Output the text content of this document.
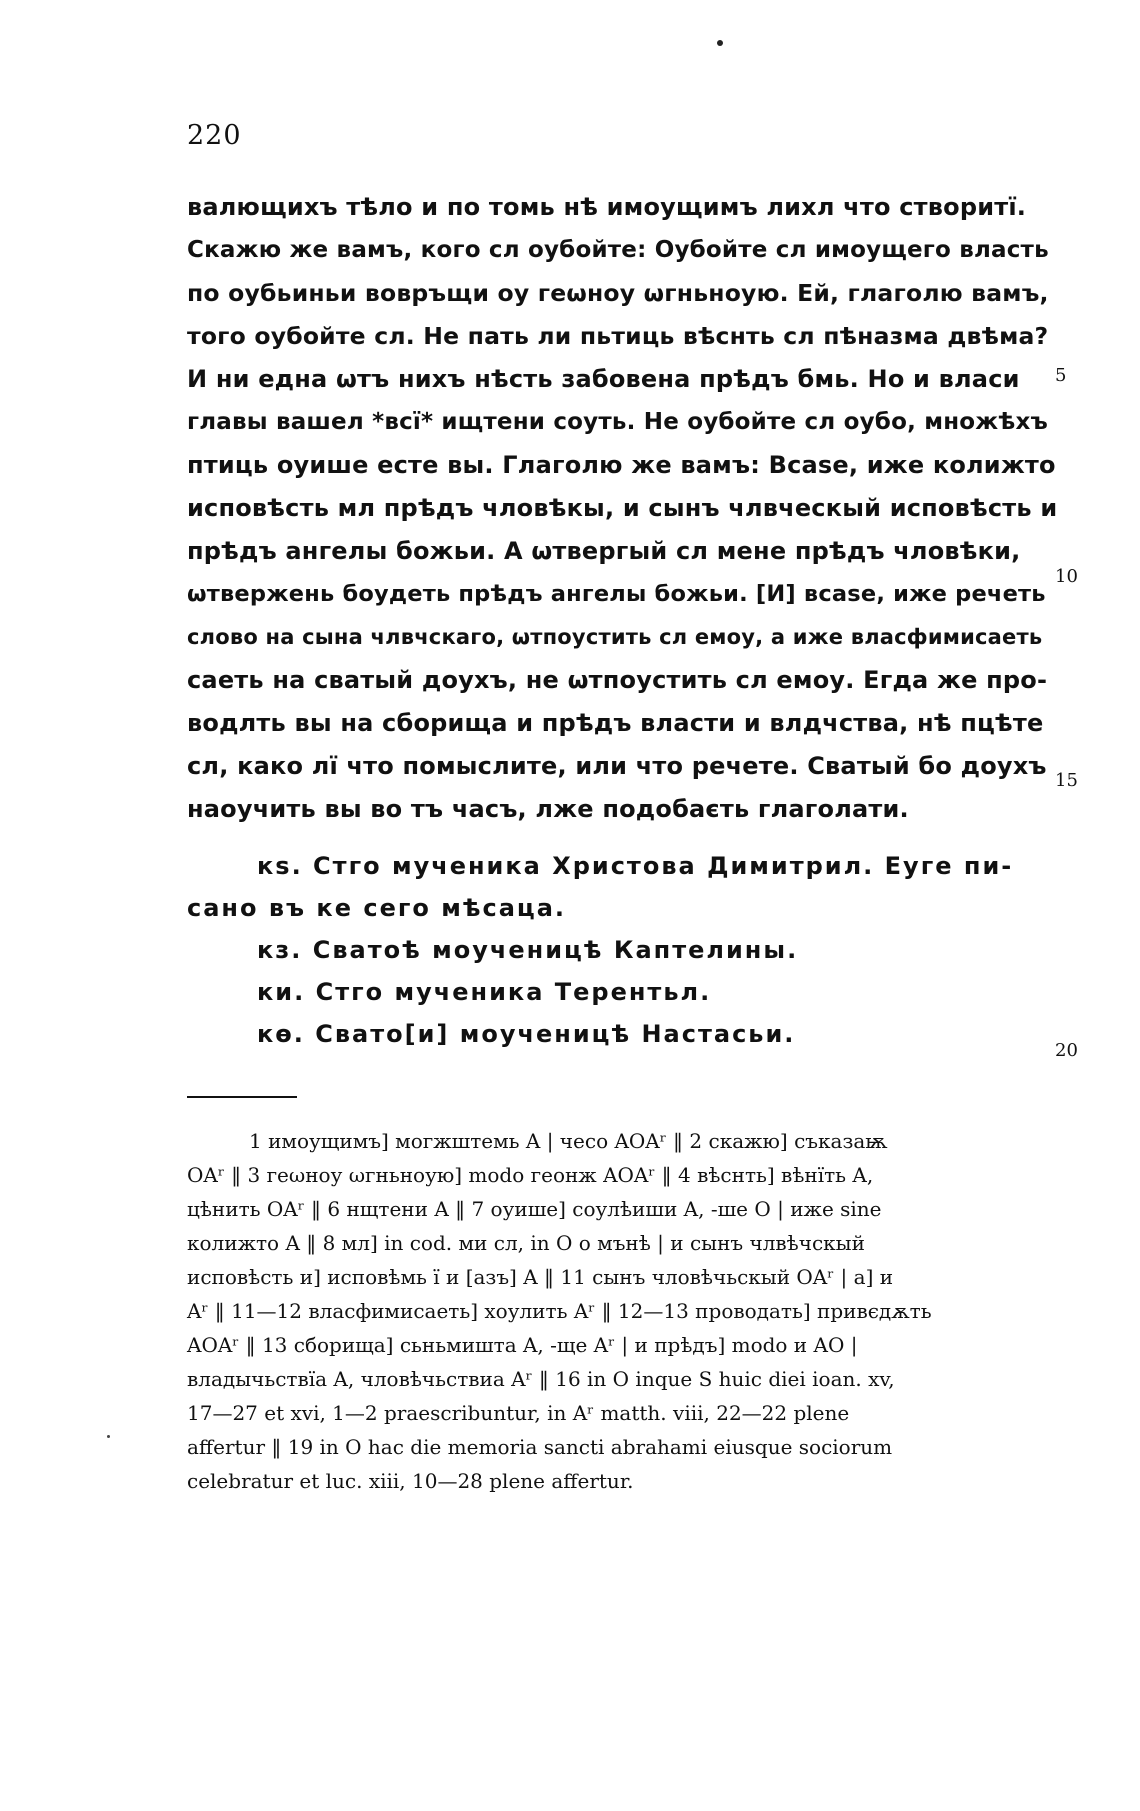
220
валющихъ тѣло и по томь нѣ имоущимъ лихл что створитї.
Скажю же вамъ, кого сл оубойте: Оубойте сл имоущего власть
по оубьиньи вовръщи оу геωноу ωгньноую. Ей, глаголю вамъ,
того оубойте сл. Не пать ли пьтиць вѣснть сл пѣназма двѣма?
И ни една ωтъ нихъ нѣсть забовена прѣдъ бмь. Но и власи
главы вашел *всї* ищтени соуть. Не оубойте сл оубо, множѣхъ
птиць оуише есте вы. Глаголю же вамъ: Вcase, иже колижто
исповѣсть мл прѣдъ чловѣкы, и сынъ члвческый исповѣсть и
прѣдъ ангелы божьи. А ωтвергый сл мене прѣдъ чловѣки,
ωтвержень боудеть прѣдъ ангелы божьи. [И] вcase, иже речеть
слово на сына члвчскаго, ωтпоустить сл емоу, а иже власфимисаеть
сaеть на сватый доухъ, не ωтпоустить сл емоу. Егда же про-
водлть вы на сборища и прѣдъ власти и влдчства, нѣ пцѣте
сл, како лї что помыслите, или что речете. Сватый бо доухъ
наоучить вы во тъ часъ, лже подобаєть глаголати.
5
10
15
20
кѕ. Стго мученика Христова Димитрил. Еуге пи-
сано въ ке сего мѣсаца.
кз. Сватоѣ моученицѣ Каптелины.
ки. Стго мученика Терентьл.
кѳ. Свато[и] моученицѣ Настасьи.
1 имоущимъ] могжштемь A | чесо AOAʳ ‖ 2 скажю] съказаѭ
OAʳ ‖ 3 геωноу ωгньноую] modo геонж AOAʳ ‖ 4 вѣснть] вѣнїть A,
цѣнить OAʳ ‖ 6 нщтени A ‖ 7 оуише] соулѣиши A, -ше O | иже sine
колижто A ‖ 8 мл] in cod. ми сл, in O о мънѣ | и сынъ члвѣчскый
исповѣсть и] исповѣмь ї и [азъ] A ‖ 11 сынъ чловѣчьскый OAʳ | а] и
Aʳ ‖ 11—12 власфимисаеть] хоулить Aʳ ‖ 12—13 проводать] привєдѫть
AOAʳ ‖ 13 сборища] сьньмишта A, -ще Aʳ | и прѣдъ] modo и AO |
владычьствїа A, чловѣчьствиа Aʳ ‖ 16 in O inque S huic diei ioan. xv,
17—27 et xvi, 1—2 praescribuntur, in Aʳ matth. viii, 22—22 plene
affertur ‖ 19 in O hac die memoria sancti abrahami eiusque sociorum
celebratur et luc. xiii, 10—28 plene affertur.
